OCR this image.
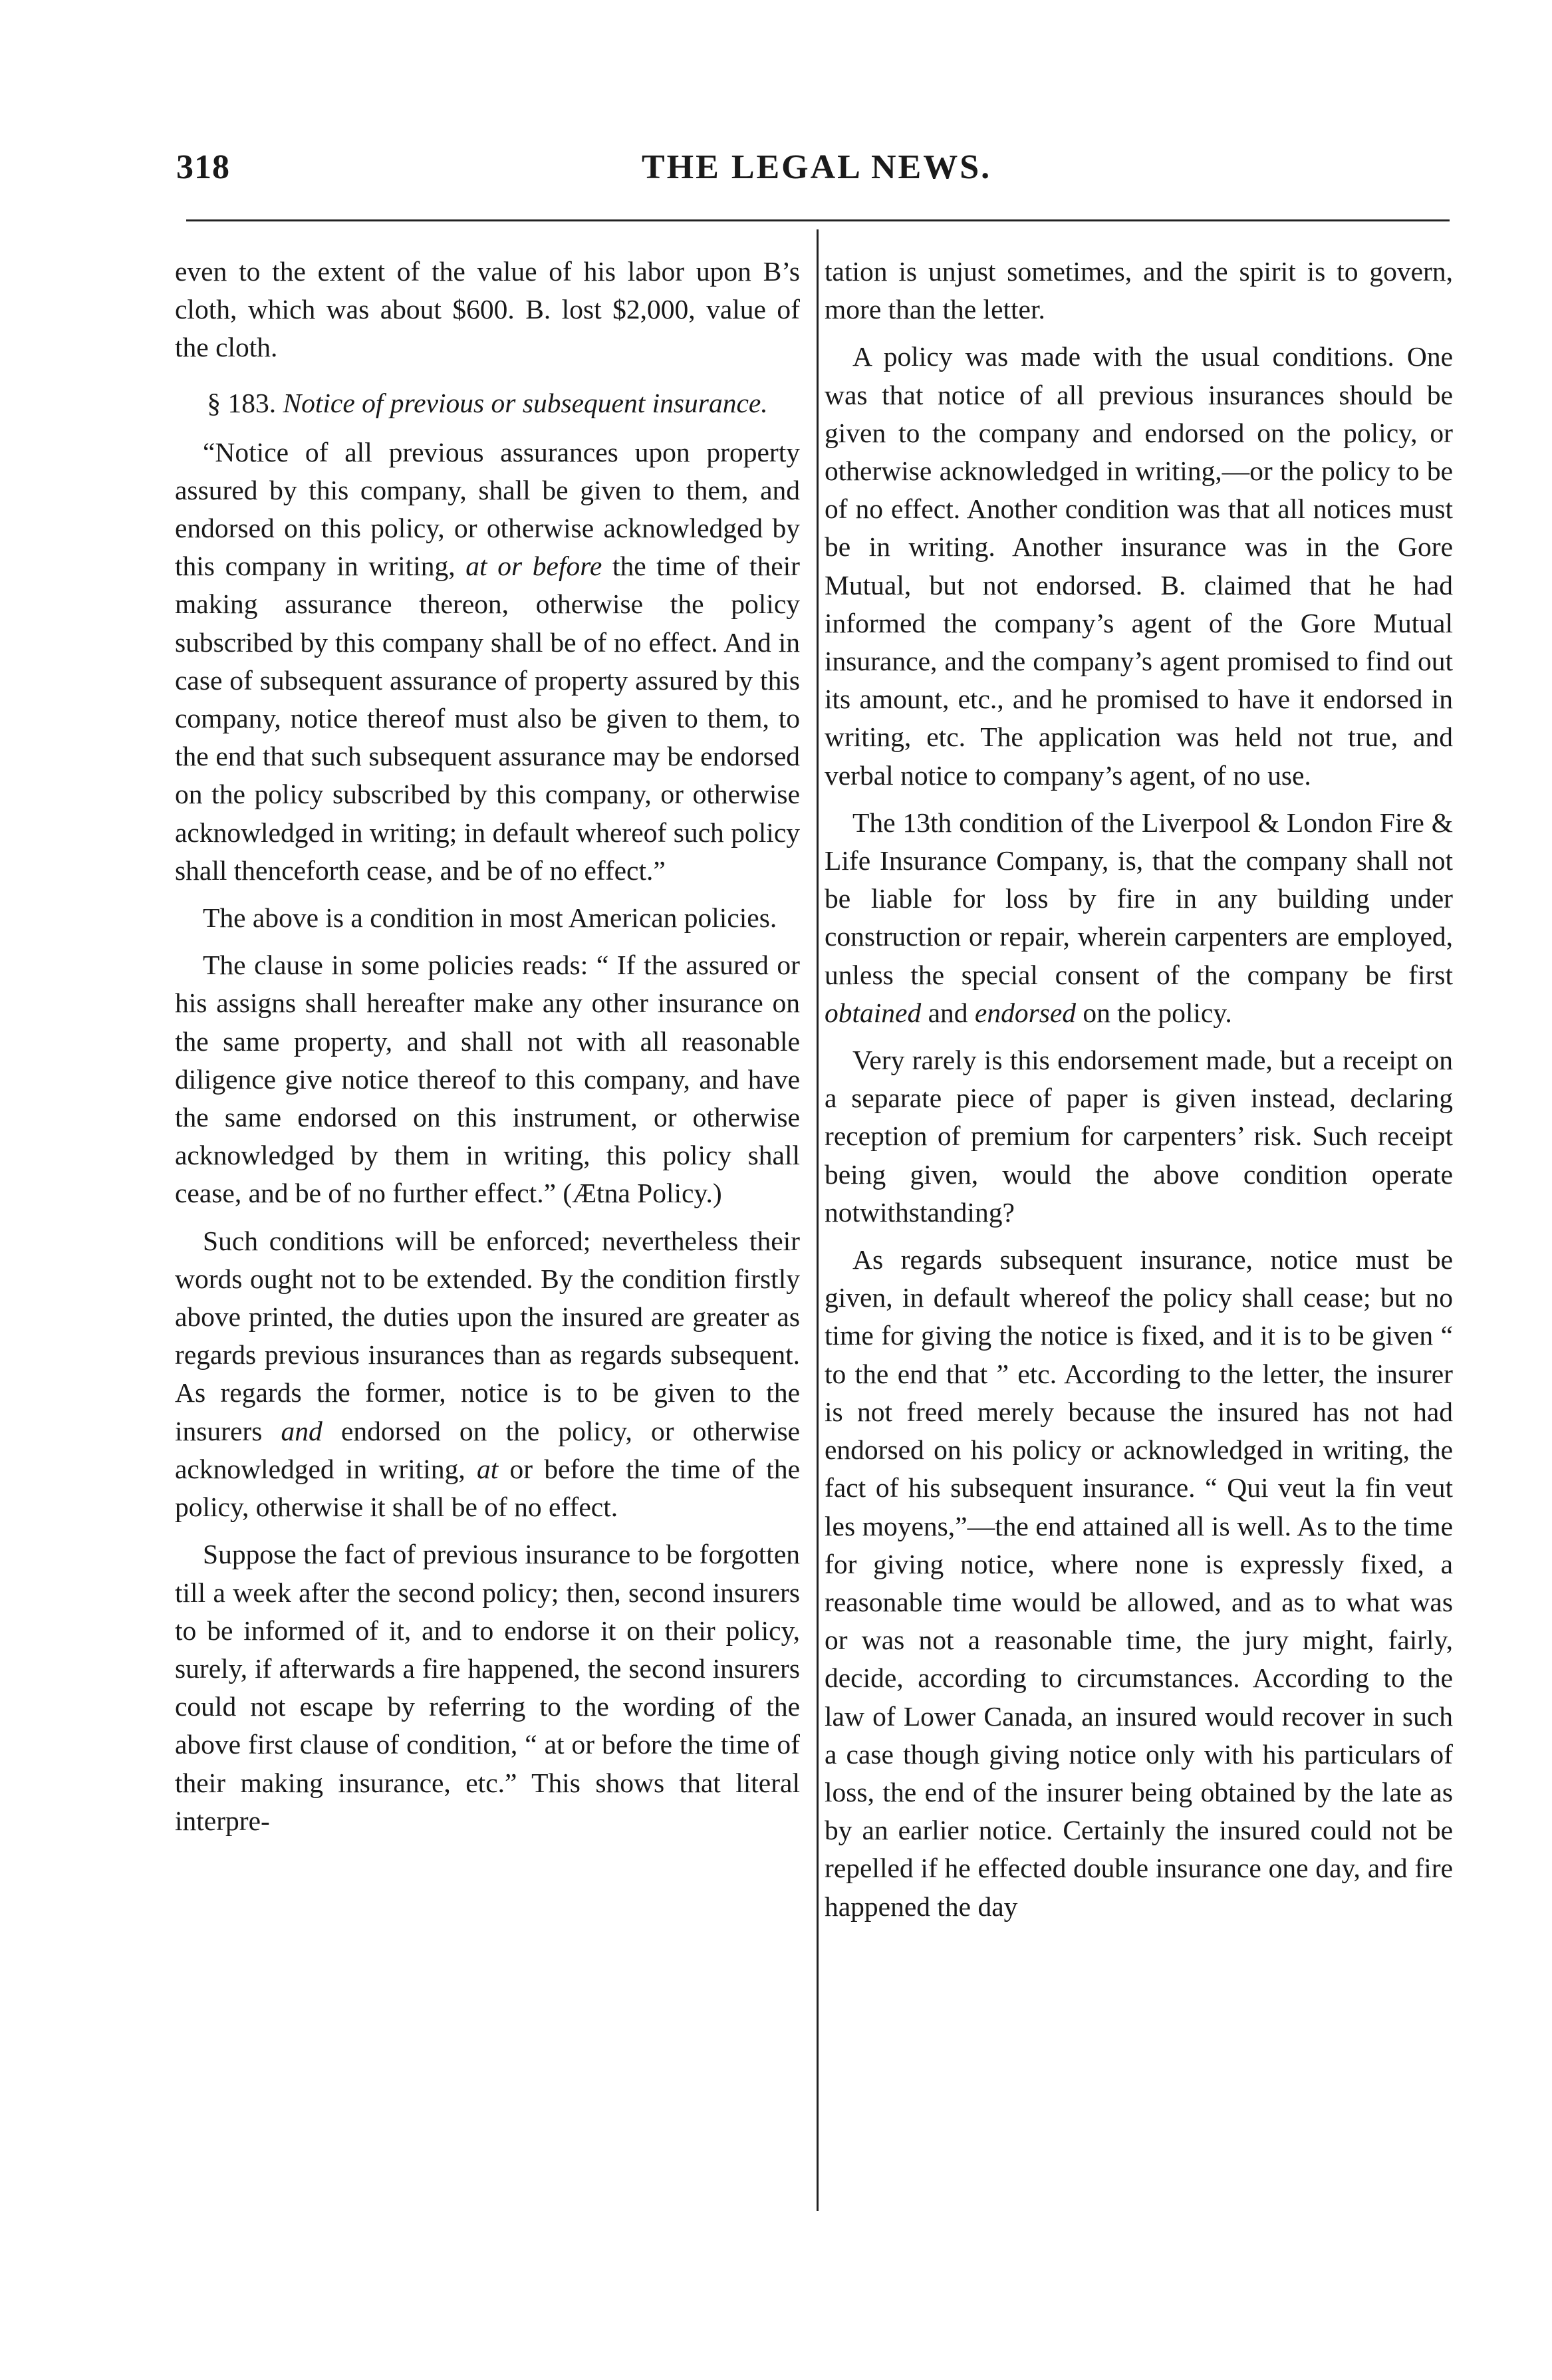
318	THE LEGAL NEWS.

even to the extent of the value of his labor upon B’s cloth, which was about $600. B. lost $2,000, value of the cloth.

§ 183. Notice of previous or subsequent insurance.

“Notice of all previous assurances upon property assured by this company, shall be given to them, and endorsed on this policy, or otherwise acknowledged by this company in writing, at or before the time of their making assurance thereon, otherwise the policy subscribed by this company shall be of no effect. And in case of subsequent assurance of property assured by this company, notice thereof must also be given to them, to the end that such subsequent assurance may be endorsed on the policy subscribed by this company, or otherwise acknowledged in writing; in default whereof such policy shall thenceforth cease, and be of no effect.”

The above is a condition in most American policies.

The clause in some policies reads: “ If the assured or his assigns shall hereafter make any other insurance on the same property, and shall not with all reasonable diligence give notice thereof to this company, and have the same endorsed on this instrument, or otherwise acknowledged by them in writing, this policy shall cease, and be of no further effect.” (Ætna Policy.)

Such conditions will be enforced; nevertheless their words ought not to be extended. By the condition firstly above printed, the duties upon the insured are greater as regards previous insurances than as regards subsequent. As regards the former, notice is to be given to the insurers and endorsed on the policy, or otherwise acknowledged in writing, at or before the time of the policy, otherwise it shall be of no effect.

Suppose the fact of previous insurance to be forgotten till a week after the second policy; then, second insurers to be informed of it, and to endorse it on their policy, surely, if afterwards a fire happened, the second insurers could not escape by referring to the wording of the above first clause of condition, “ at or before the time of their making insurance, etc.” This shows that literal interpre-

tation is unjust sometimes, and the spirit is to govern, more than the letter.

A policy was made with the usual conditions. One was that notice of all previous insurances should be given to the company and endorsed on the policy, or otherwise acknowledged in writing,—or the policy to be of no effect. Another condition was that all notices must be in writing. Another insurance was in the Gore Mutual, but not endorsed. B. claimed that he had informed the company’s agent of the Gore Mutual insurance, and the company’s agent promised to find out its amount, etc., and he promised to have it endorsed in writing, etc. The application was held not true, and verbal notice to company’s agent, of no use.

The 13th condition of the Liverpool & London Fire & Life Insurance Company, is, that the company shall not be liable for loss by fire in any building under construction or repair, wherein carpenters are employed, unless the special consent of the company be first obtained and endorsed on the policy.

Very rarely is this endorsement made, but a receipt on a separate piece of paper is given instead, declaring reception of premium for carpenters’ risk. Such receipt being given, would the above condition operate notwithstanding?

As regards subsequent insurance, notice must be given, in default whereof the policy shall cease; but no time for giving the notice is fixed, and it is to be given “ to the end that ” etc. According to the letter, the insurer is not freed merely because the insured has not had endorsed on his policy or acknowledged in writing, the fact of his subsequent insurance. “ Qui veut la fin veut les moyens,”—the end attained all is well. As to the time for giving notice, where none is expressly fixed, a reasonable time would be allowed, and as to what was or was not a reasonable time, the jury might, fairly, decide, according to circumstances. According to the law of Lower Canada, an insured would recover in such a case though giving notice only with his particulars of loss, the end of the insurer being obtained by the late as by an earlier notice. Certainly the insured could not be repelled if he effected double insurance one day, and fire happened the day
